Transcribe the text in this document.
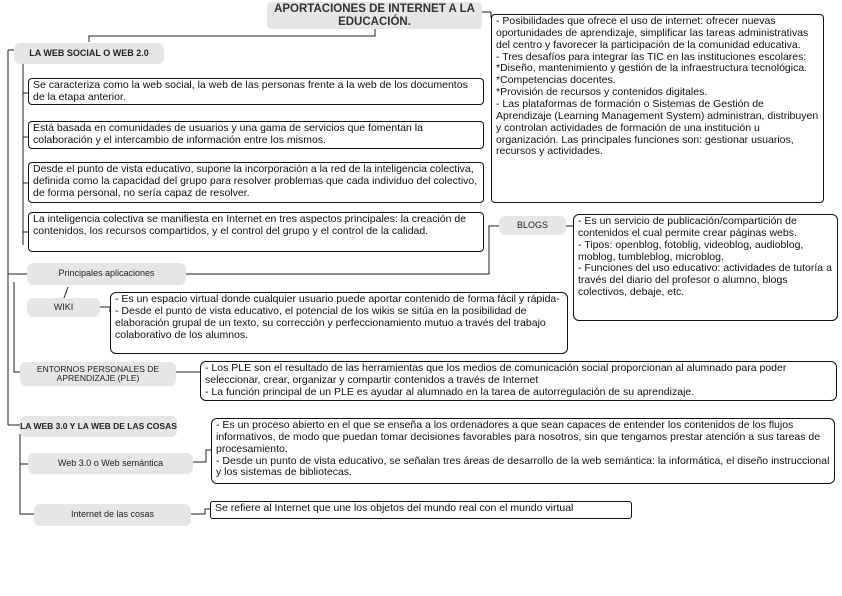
APORTACIONES DE INTERNET A LA EDUCACIÓN.	- Posibilidades que ofrece el uso de internet: ofrecer nuevas oportunidades de aprendizaje, simplificar las tareas administrativas del centro y favorecer la participación de la comunidad educativa.
- Tres desafíos para integrar las TIC en las instituciones escolares:
*Diseño, mantenimiento y gestión de la infraestructura tecnológica.
*Competencias docentes.
*Provisión de recursos y contenidos digitales.
- Las plataformas de formación o Sistemas de Gestión de Aprendizaje (Learning Management System) administran, distribuyen y controlan actividades de formación de una institución u organización. Las principales funciones son: gestionar usuarios, recursos y actividades.
LA WEB SOCIAL O WEB 2.0
Se caracteriza como la web social, la web de las personas frente a la web de los documentos de la etapa anterior.
Está basada en comunidades de usuarios y una gama de servicios que fomentan la colaboración y el intercambio de información entre los mismos.
Desde el punto de vista educativo, supone la incorporación a la red de la inteligencia colectiva, definida como la capacidad del grupo para resolver problemas que cada individuo del colectivo, de forma personal, no sería capaz de resolver.
La inteligencia colectiva se manifiesta en Internet en tres aspectos principales: la creación de contenidos, los recursos compartidos, y el control del grupo y el control de la calidad.
Principales aplicaciones
BLOGS	- Es un servicio de publicación/compartición de contenidos el cual permite crear páginas webs.
- Tipos: openblog, fotoblig, videoblog, audioblog, moblog, tumbleblog, microblog.
- Funciones del uso educativo: actividades de tutoría a través del diario del profesor o alumno, blogs colectivos, debaje, etc.
WIKI
- Es un espacio virtual donde cualquier usuario puede aportar contenido de forma fácil y rápida-
- Desde el punto de vista educativo, el potencial de los wikis se sitúa en la posibilidad de elaboración grupal de un texto, su corrección y perfeccionamiento mutuo a través del trabajo colaborativo de los alumnos.
ENTORNOS PERSONALES DE APRENDIZAJE (PLE)
- Los PLE son el resultado de las herramientas que los medios de comunicación social proporcionan al alumnado para poder seleccionar, crear, organizar y compartir contenidos a través de Internet
- La función principal de un PLE es ayudar al alumnado en la tarea de autorregulación de su aprendizaje.
LA WEB 3.0 Y LA WEB DE LAS COSAS
Web 3.0 o Web semántica
- Es un proceso abierto en el que se enseña a los ordenadores a que sean capaces de entender los contenidos de los flujos informativos, de modo que puedan tomar decisiones favorables para nosotros, sin que tengamos prestar atención a sus tareas de procesamiento.
- Desde un punto de vista educativo, se señalan tres áreas de desarrollo de la web semántica: la informática, el diseño instruccional y los sistemas de bibliotecas.
Internet de las cosas
Se refiere al Internet que une los objetos del mundo real con el mundo virtual
